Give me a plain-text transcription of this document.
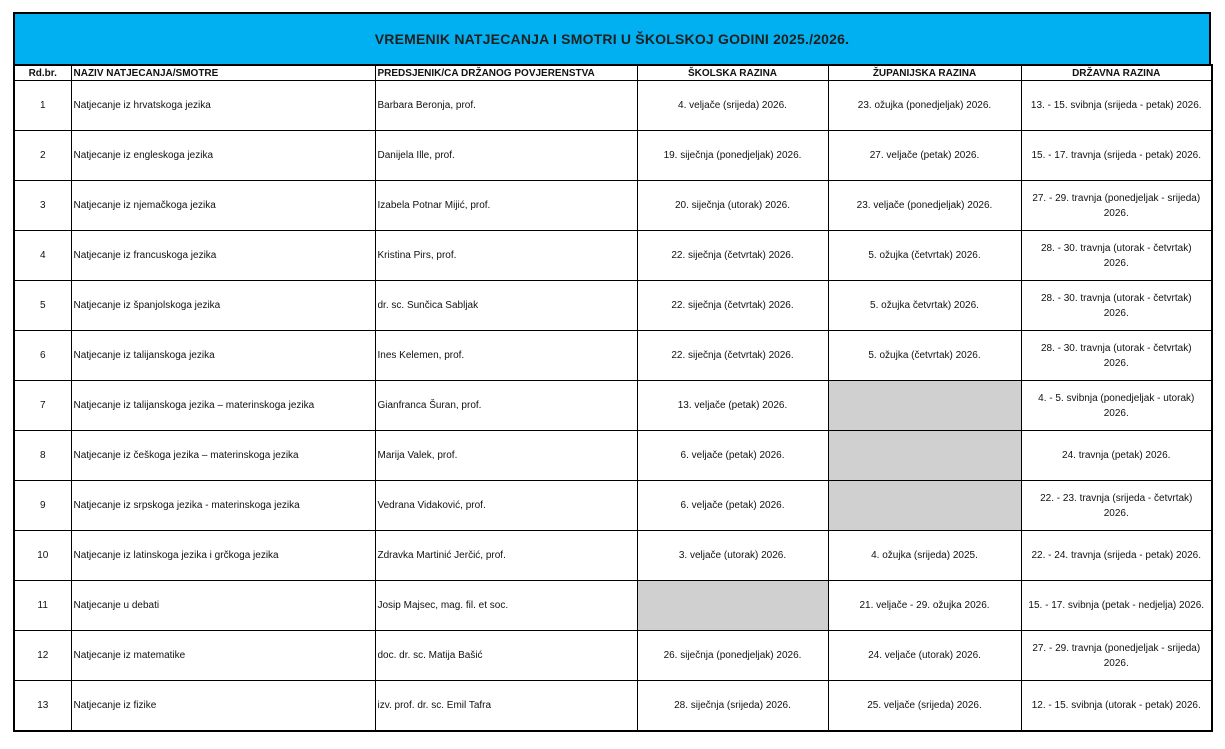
VREMENIK NATJECANJA I SMOTRI U ŠKOLSKOJ GODINI 2025./2026.
Rd.br.	NAZIV NATJECANJA/SMOTRE	PREDSJENIK/CA DRŽANOG POVJERENSTVA	ŠKOLSKA RAZINA	ŽUPANIJSKA RAZINA	DRŽAVNA RAZINA
1	Natjecanje iz hrvatskoga jezika	Barbara Beronja, prof.	4. veljače (srijeda) 2026.	23. ožujka (ponedjeljak) 2026.	13. - 15. svibnja (srijeda - petak) 2026.
2	Natjecanje iz engleskoga jezika	Danijela Ille, prof.	19. siječnja (ponedjeljak) 2026.	27. veljače (petak) 2026.	15. - 17. travnja (srijeda - petak) 2026.
3	Natjecanje iz njemačkoga jezika	Izabela Potnar Mijić, prof.	20. siječnja (utorak) 2026.	23. veljače (ponedjeljak) 2026.	27. - 29. travnja (ponedjeljak - srijeda) 2026.
4	Natjecanje iz francuskoga jezika	Kristina Pirs, prof.	22. siječnja (četvrtak) 2026.	5. ožujka (četvrtak) 2026.	28. - 30. travnja (utorak - četvrtak) 2026.
5	Natjecanje iz španjolskoga jezika	dr. sc. Sunčica Sabljak	22. siječnja (četvrtak) 2026.	5. ožujka četvrtak) 2026.	28. - 30. travnja (utorak - četvrtak) 2026.
6	Natjecanje iz talijanskoga jezika	Ines Kelemen, prof.	22. siječnja (četvrtak) 2026.	5. ožujka (četvrtak) 2026.	28. - 30. travnja (utorak - četvrtak) 2026.
7	Natjecanje iz talijanskoga jezika – materinskoga jezika	Gianfranca Šuran, prof.	13. veljače (petak) 2026.		4. - 5. svibnja (ponedjeljak - utorak) 2026.
8	Natjecanje iz češkoga jezika – materinskoga jezika	Marija Valek, prof.	6. veljače (petak) 2026.		24. travnja (petak) 2026.
9	Natjecanje iz srpskoga jezika - materinskoga jezika	Vedrana Vidaković, prof.	6. veljače (petak) 2026.		22. - 23. travnja (srijeda - četvrtak) 2026.
10	Natjecanje iz latinskoga jezika i grčkoga jezika	Zdravka Martinić Jerčić, prof.	3. veljače (utorak) 2026.	4. ožujka (srijeda) 2025.	22. - 24. travnja (srijeda - petak) 2026.
11	Natjecanje u debati	Josip Majsec, mag. fil. et soc.		21. veljače - 29. ožujka 2026.	15. - 17. svibnja (petak - nedjelja) 2026.
12	Natjecanje iz matematike	doc. dr. sc. Matija Bašić	26. siječnja (ponedjeljak) 2026.	24. veljače (utorak) 2026.	27. - 29. travnja (ponedjeljak - srijeda) 2026.
13	Natjecanje iz fizike	izv. prof. dr. sc. Emil Tafra	28. siječnja (srijeda) 2026.	25. veljače (srijeda) 2026.	12. - 15. svibnja (utorak - petak) 2026.
